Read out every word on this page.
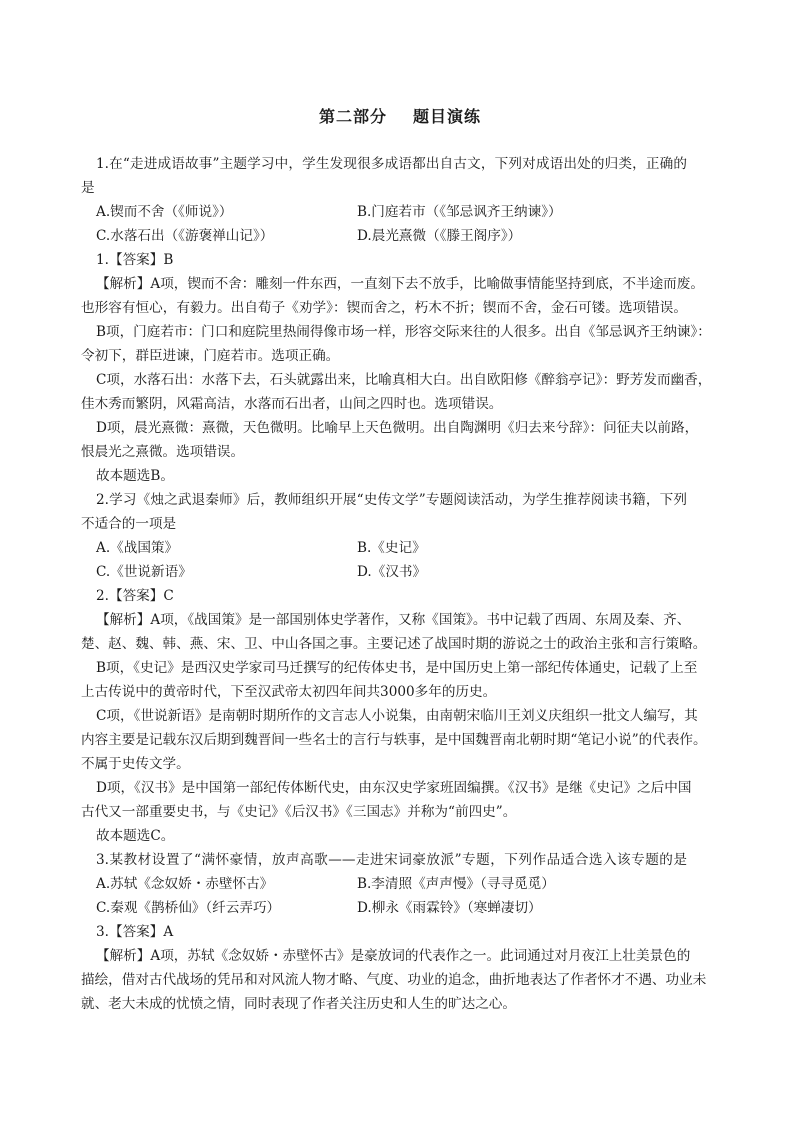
第二部分 题目演练
1.在“走进成语故事”主题学习中，学生发现很多成语都出自古文，下列对成语出处的归类，正确的
是
A.锲而不舍（《师说》）	B.门庭若市（《邹忌讽齐王纳谏》）
C.水落石出（《游褒禅山记》）	D.晨光熹微（《滕王阁序》）
1.【答案】B
【解析】A项，锲而不舍：雕刻一件东西，一直刻下去不放手，比喻做事情能坚持到底，不半途而废。
也形容有恒心，有毅力。出自荀子《劝学》：锲而舍之，朽木不折；锲而不舍，金石可镂。选项错误。
B项，门庭若市：门口和庭院里热闹得像市场一样，形容交际来往的人很多。出自《邹忌讽齐王纳谏》：
令初下，群臣进谏，门庭若市。选项正确。
C项，水落石出：水落下去，石头就露出来，比喻真相大白。出自欧阳修《醉翁亭记》：野芳发而幽香，
佳木秀而繁阴，风霜高洁，水落而石出者，山间之四时也。选项错误。
D项，晨光熹微：熹微，天色微明。比喻早上天色微明。出自陶渊明《归去来兮辞》：问征夫以前路，
恨晨光之熹微。选项错误。
故本题选B。
2.学习《烛之武退秦师》后，教师组织开展“史传文学”专题阅读活动，为学生推荐阅读书籍，下列
不适合的一项是
A.《战国策》	B.《史记》
C.《世说新语》	D.《汉书》
2.【答案】C
【解析】A项，《战国策》是一部国别体史学著作，又称《国策》。书中记载了西周、东周及秦、齐、
楚、赵、魏、韩、燕、宋、卫、中山各国之事。主要记述了战国时期的游说之士的政治主张和言行策略。
B项，《史记》是西汉史学家司马迁撰写的纪传体史书，是中国历史上第一部纪传体通史，记载了上至
上古传说中的黄帝时代，下至汉武帝太初四年间共3000多年的历史。
C项，《世说新语》是南朝时期所作的文言志人小说集，由南朝宋临川王刘义庆组织一批文人编写，其
内容主要是记载东汉后期到魏晋间一些名士的言行与轶事，是中国魏晋南北朝时期“笔记小说”的代表作。
不属于史传文学。
D项，《汉书》是中国第一部纪传体断代史，由东汉史学家班固编撰。《汉书》是继《史记》之后中国
古代又一部重要史书，与《史记》《后汉书》《三国志》并称为“前四史”。
故本题选C。
3.某教材设置了“满怀豪情，放声高歌——走进宋词豪放派”专题，下列作品适合选入该专题的是
A.苏轼《念奴娇・赤壁怀古》	B.李清照《声声慢》（寻寻觅觅）
C.秦观《鹊桥仙》（纤云弄巧）	D.柳永《雨霖铃》（寒蝉凄切）
3.【答案】A
【解析】A项，苏轼《念奴娇・赤壁怀古》是豪放词的代表作之一。此词通过对月夜江上壮美景色的
描绘，借对古代战场的凭吊和对风流人物才略、气度、功业的追念，曲折地表达了作者怀才不遇、功业未
就、老大未成的忧愤之情，同时表现了作者关注历史和人生的旷达之心。
